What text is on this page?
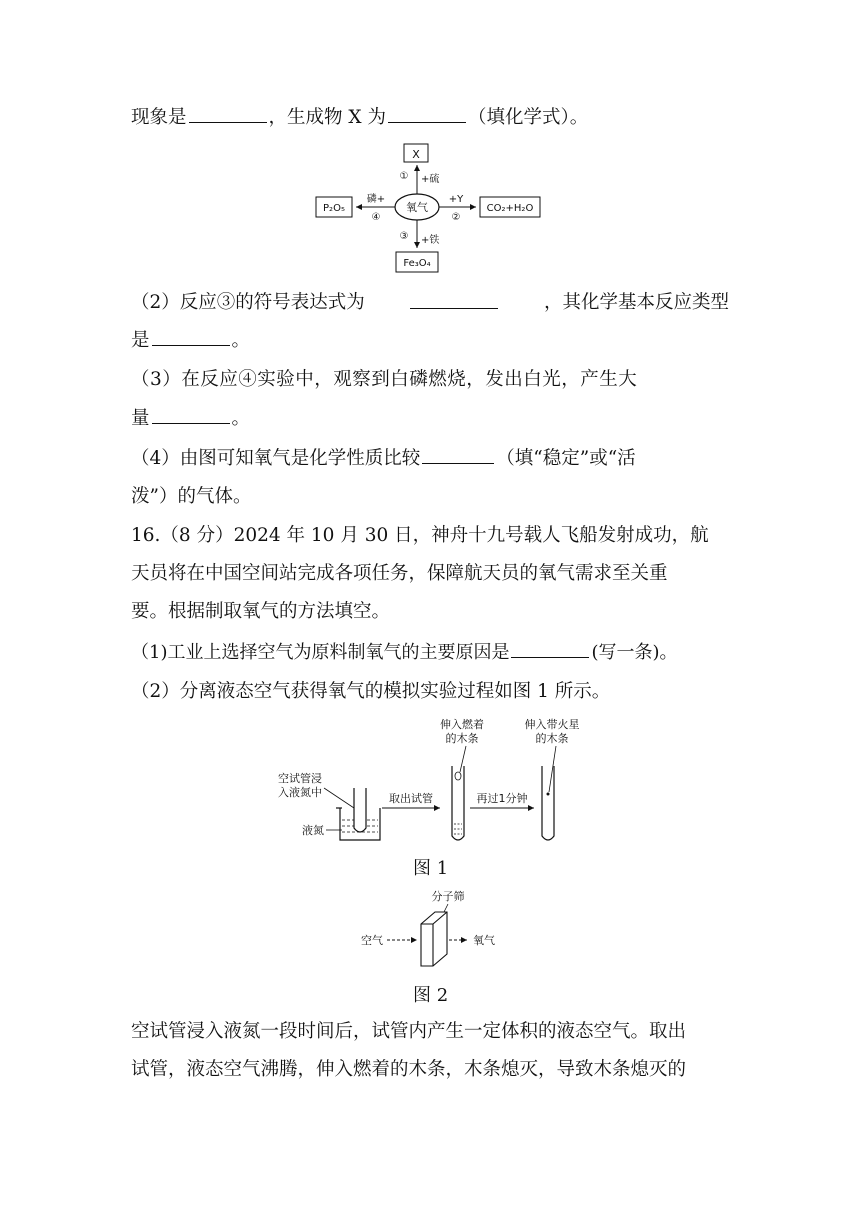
现象是	，生成物 X 为	（填化学式）。
氧气
X
① +硫
CO₂+H₂O
+Y
②
Fe₃O₄
③ +铁
P₂O₅
磷+
④
（2）反应③的符号表达式为	，其化学基本反应类型
是	。
（3）在反应④实验中，观察到白磷燃烧，发出白光，产生大
量	。
（4）由图可知氧气是化学性质比较	（填“稳定”或“活
泼”）的气体。
16.（8 分）2024 年 10 月 30 日，神舟十九号载人飞船发射成功，航
天员将在中国空间站完成各项任务，保障航天员的氧气需求至关重
要。根据制取氧气的方法填空。
（1)工业上选择空气为原料制氧气的主要原因是	(写一条)。
（2）分离液态空气获得氧气的模拟实验过程如图 1 所示。
空试管浸
入液氮中
液氮
取出试管
伸入燃着
的木条
再过1分钟
伸入带火星
的木条
图 1
分子筛
空气	氧气
图 2
空试管浸入液氮一段时间后，试管内产生一定体积的液态空气。取出
试管，液态空气沸腾，伸入燃着的木条，木条熄灭，导致木条熄灭的
